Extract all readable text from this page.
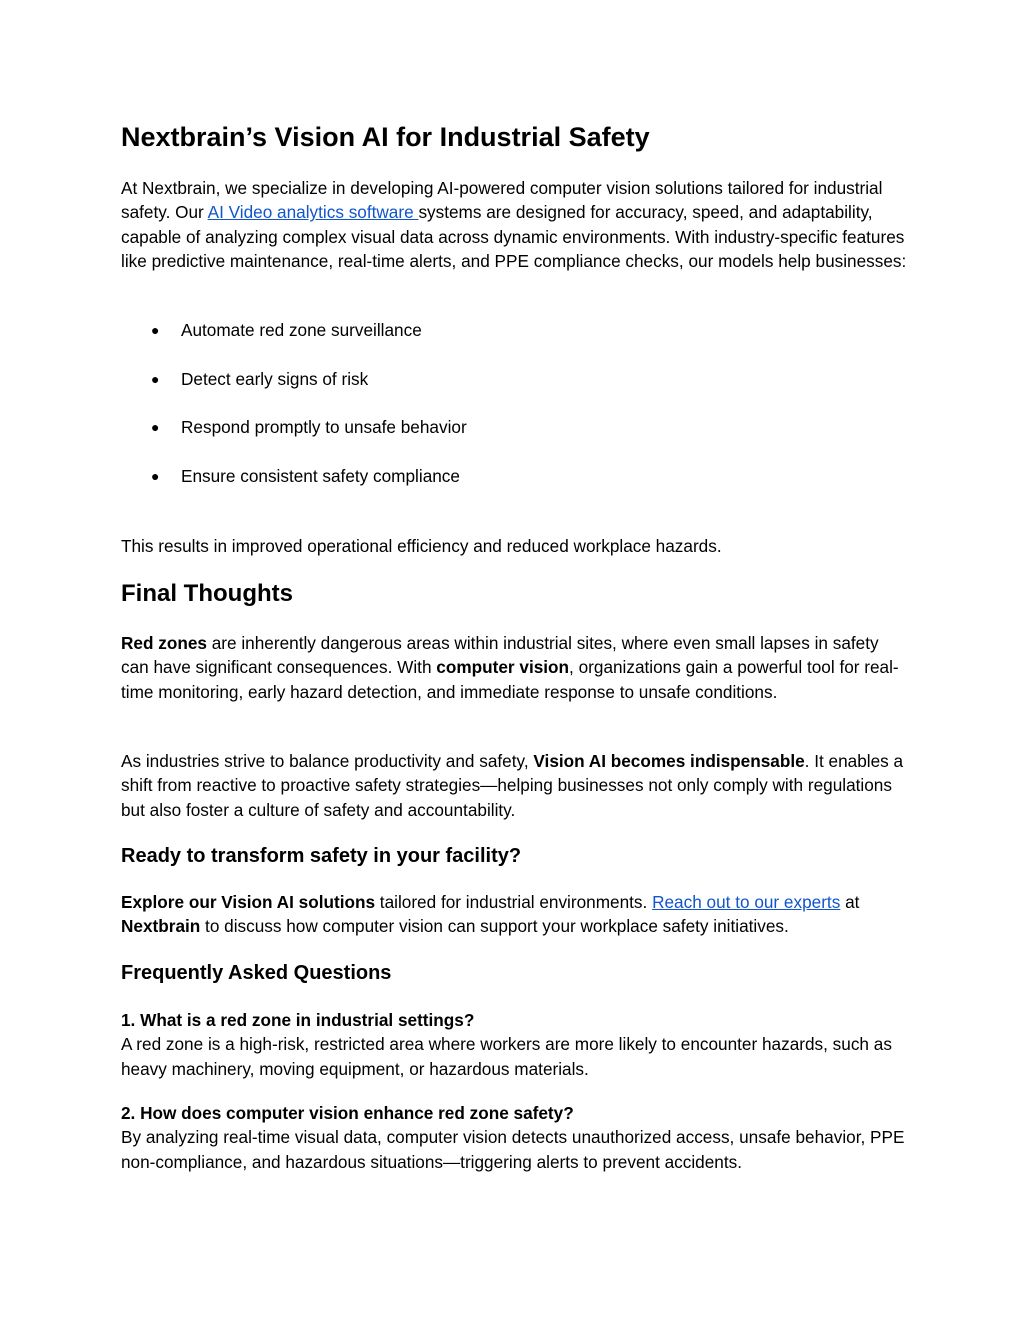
Nextbrain’s Vision AI for Industrial Safety

At Nextbrain, we specialize in developing AI-powered computer vision solutions tailored for industrial safety. Our AI Video analytics software systems are designed for accuracy, speed, and adaptability, capable of analyzing complex visual data across dynamic environments. With industry-specific features like predictive maintenance, real-time alerts, and PPE compliance checks, our models help businesses:

● Automate red zone surveillance
● Detect early signs of risk
● Respond promptly to unsafe behavior
● Ensure consistent safety compliance

This results in improved operational efficiency and reduced workplace hazards.

Final Thoughts

Red zones are inherently dangerous areas within industrial sites, where even small lapses in safety can have significant consequences. With computer vision, organizations gain a powerful tool for real-time monitoring, early hazard detection, and immediate response to unsafe conditions.

As industries strive to balance productivity and safety, Vision AI becomes indispensable. It enables a shift from reactive to proactive safety strategies—helping businesses not only comply with regulations but also foster a culture of safety and accountability.

Ready to transform safety in your facility?

Explore our Vision AI solutions tailored for industrial environments. Reach out to our experts at Nextbrain to discuss how computer vision can support your workplace safety initiatives.

Frequently Asked Questions

1. What is a red zone in industrial settings?
A red zone is a high-risk, restricted area where workers are more likely to encounter hazards, such as heavy machinery, moving equipment, or hazardous materials.

2. How does computer vision enhance red zone safety?
By analyzing real-time visual data, computer vision detects unauthorized access, unsafe behavior, PPE non-compliance, and hazardous situations—triggering alerts to prevent accidents.
